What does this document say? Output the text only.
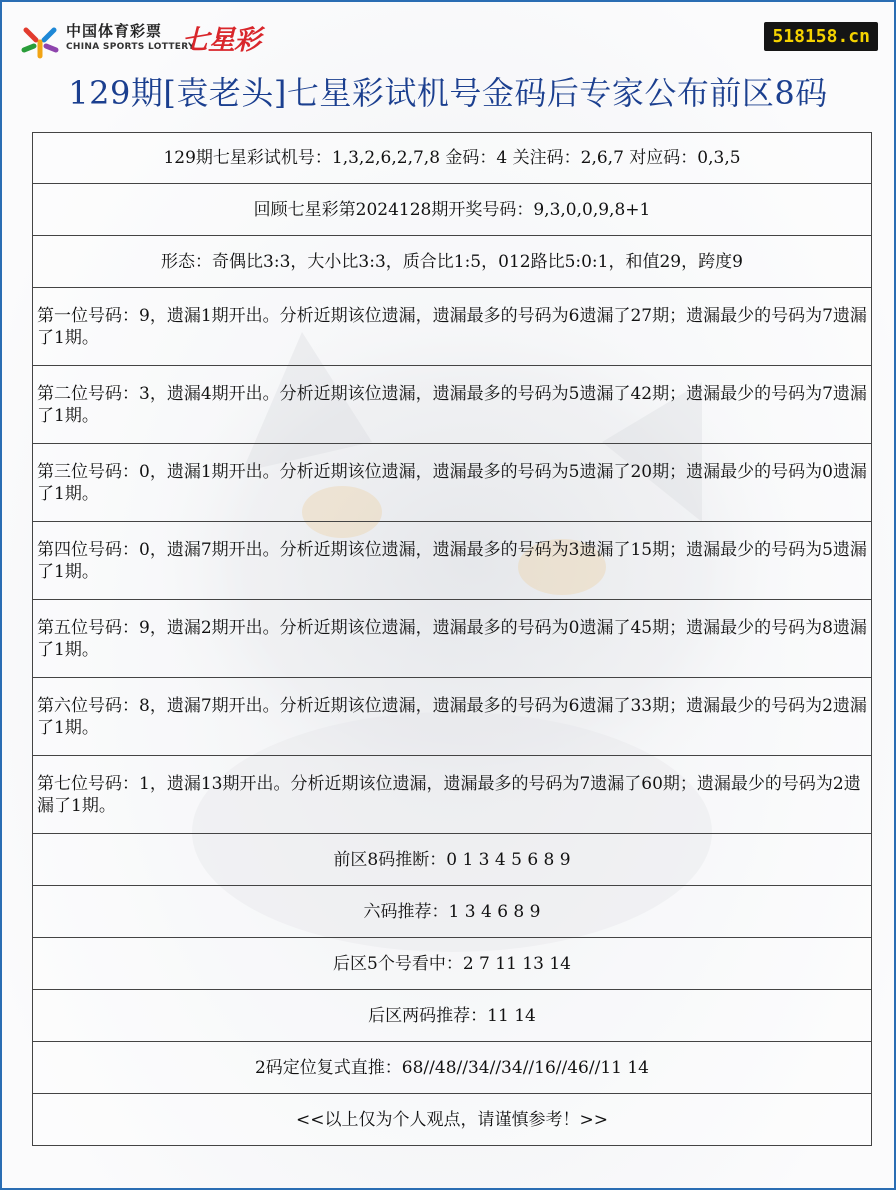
中国体育彩票
CHINA SPORTS LOTTERY
七星彩	518158.cn
129期[袁老头]七星彩试机号金码后专家公布前区8码
129期七星彩试机号：1,3,2,6,2,7,8 金码：4 关注码：2,6,7 对应码：0,3,5
回顾七星彩第2024128期开奖号码：9,3,0,0,9,8+1
形态：奇偶比3:3，大小比3:3，质合比1:5，012路比5:0:1，和值29，跨度9
第一位号码：9，遗漏1期开出。分析近期该位遗漏，遗漏最多的号码为6遗漏了27期；遗漏最少的号码为7遗漏了1期。
第二位号码：3，遗漏4期开出。分析近期该位遗漏，遗漏最多的号码为5遗漏了42期；遗漏最少的号码为7遗漏了1期。
第三位号码：0，遗漏1期开出。分析近期该位遗漏，遗漏最多的号码为5遗漏了20期；遗漏最少的号码为0遗漏了1期。
第四位号码：0，遗漏7期开出。分析近期该位遗漏，遗漏最多的号码为3遗漏了15期；遗漏最少的号码为5遗漏了1期。
第五位号码：9，遗漏2期开出。分析近期该位遗漏，遗漏最多的号码为0遗漏了45期；遗漏最少的号码为8遗漏了1期。
第六位号码：8，遗漏7期开出。分析近期该位遗漏，遗漏最多的号码为6遗漏了33期；遗漏最少的号码为2遗漏了1期。
第七位号码：1，遗漏13期开出。分析近期该位遗漏，遗漏最多的号码为7遗漏了60期；遗漏最少的号码为2遗漏了1期。
前区8码推断：0 1 3 4 5 6 8 9
六码推荐：1 3 4 6 8 9
后区5个号看中：2 7 11 13 14
后区两码推荐：11 14
2码定位复式直推：68//48//34//34//16//46//11 14
<<以上仅为个人观点，请谨慎参考！>>
